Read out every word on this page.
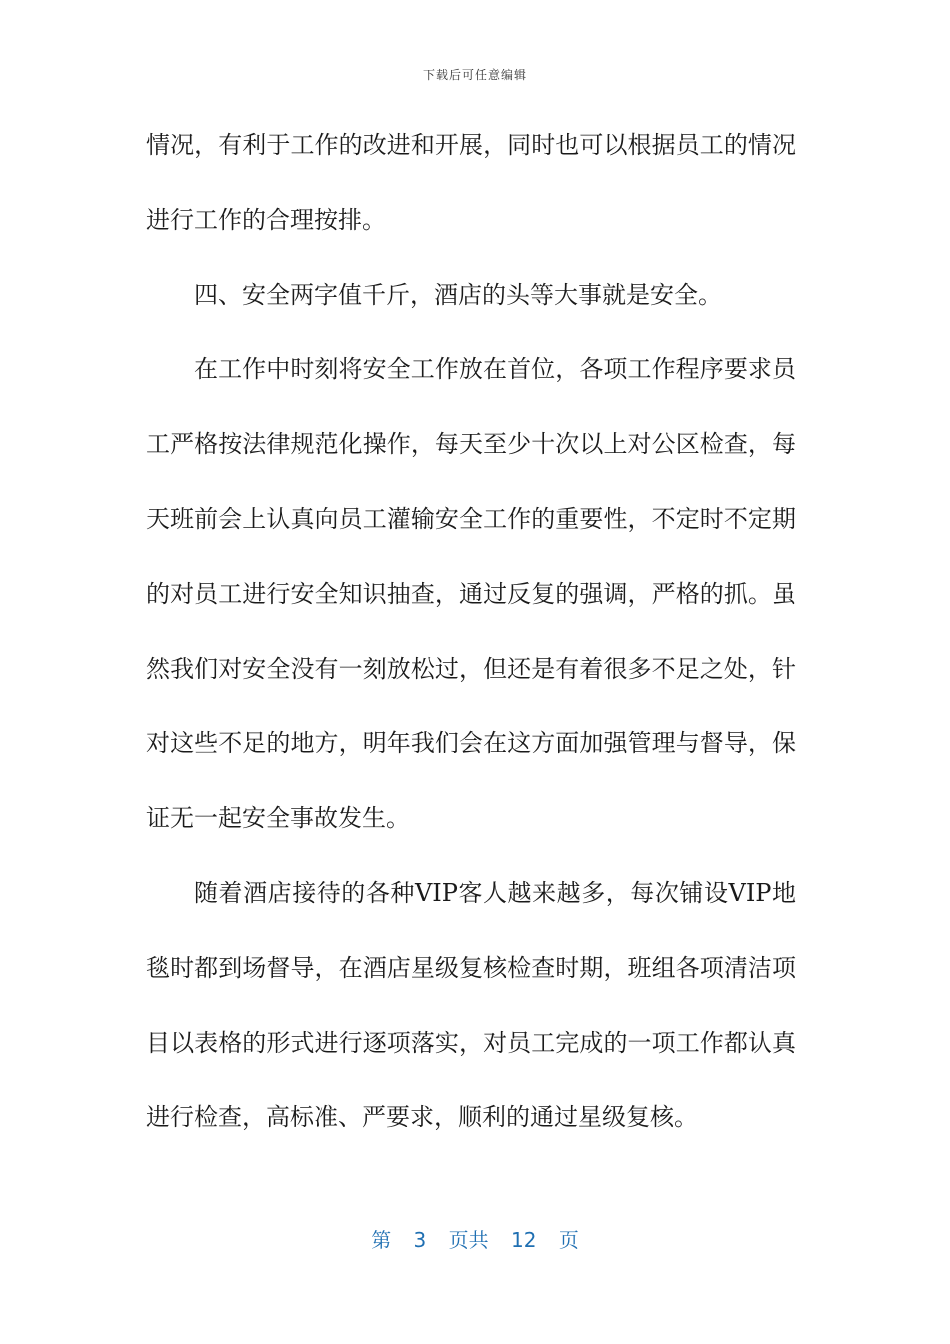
下载后可任意编辑
情况，有利于工作的改进和开展，同时也可以根据员工的情况
进行工作的合理按排。
四、安全两字值千斤，酒店的头等大事就是安全。
在工作中时刻将安全工作放在首位，各项工作程序要求员
工严格按法律规范化操作，每天至少十次以上对公区检查，每
天班前会上认真向员工灌输安全工作的重要性，不定时不定期
的对员工进行安全知识抽查，通过反复的强调，严格的抓。虽
然我们对安全没有一刻放松过，但还是有着很多不足之处，针
对这些不足的地方，明年我们会在这方面加强管理与督导，保
证无一起安全事故发生。
随着酒店接待的各种VIP客人越来越多，每次铺设VIP地
毯时都到场督导，在酒店星级复核检查时期，班组各项清洁项
目以表格的形式进行逐项落实，对员工完成的一项工作都认真
进行检查，高标准、严要求，顺利的通过星级复核。
第 3 页共 12 页
